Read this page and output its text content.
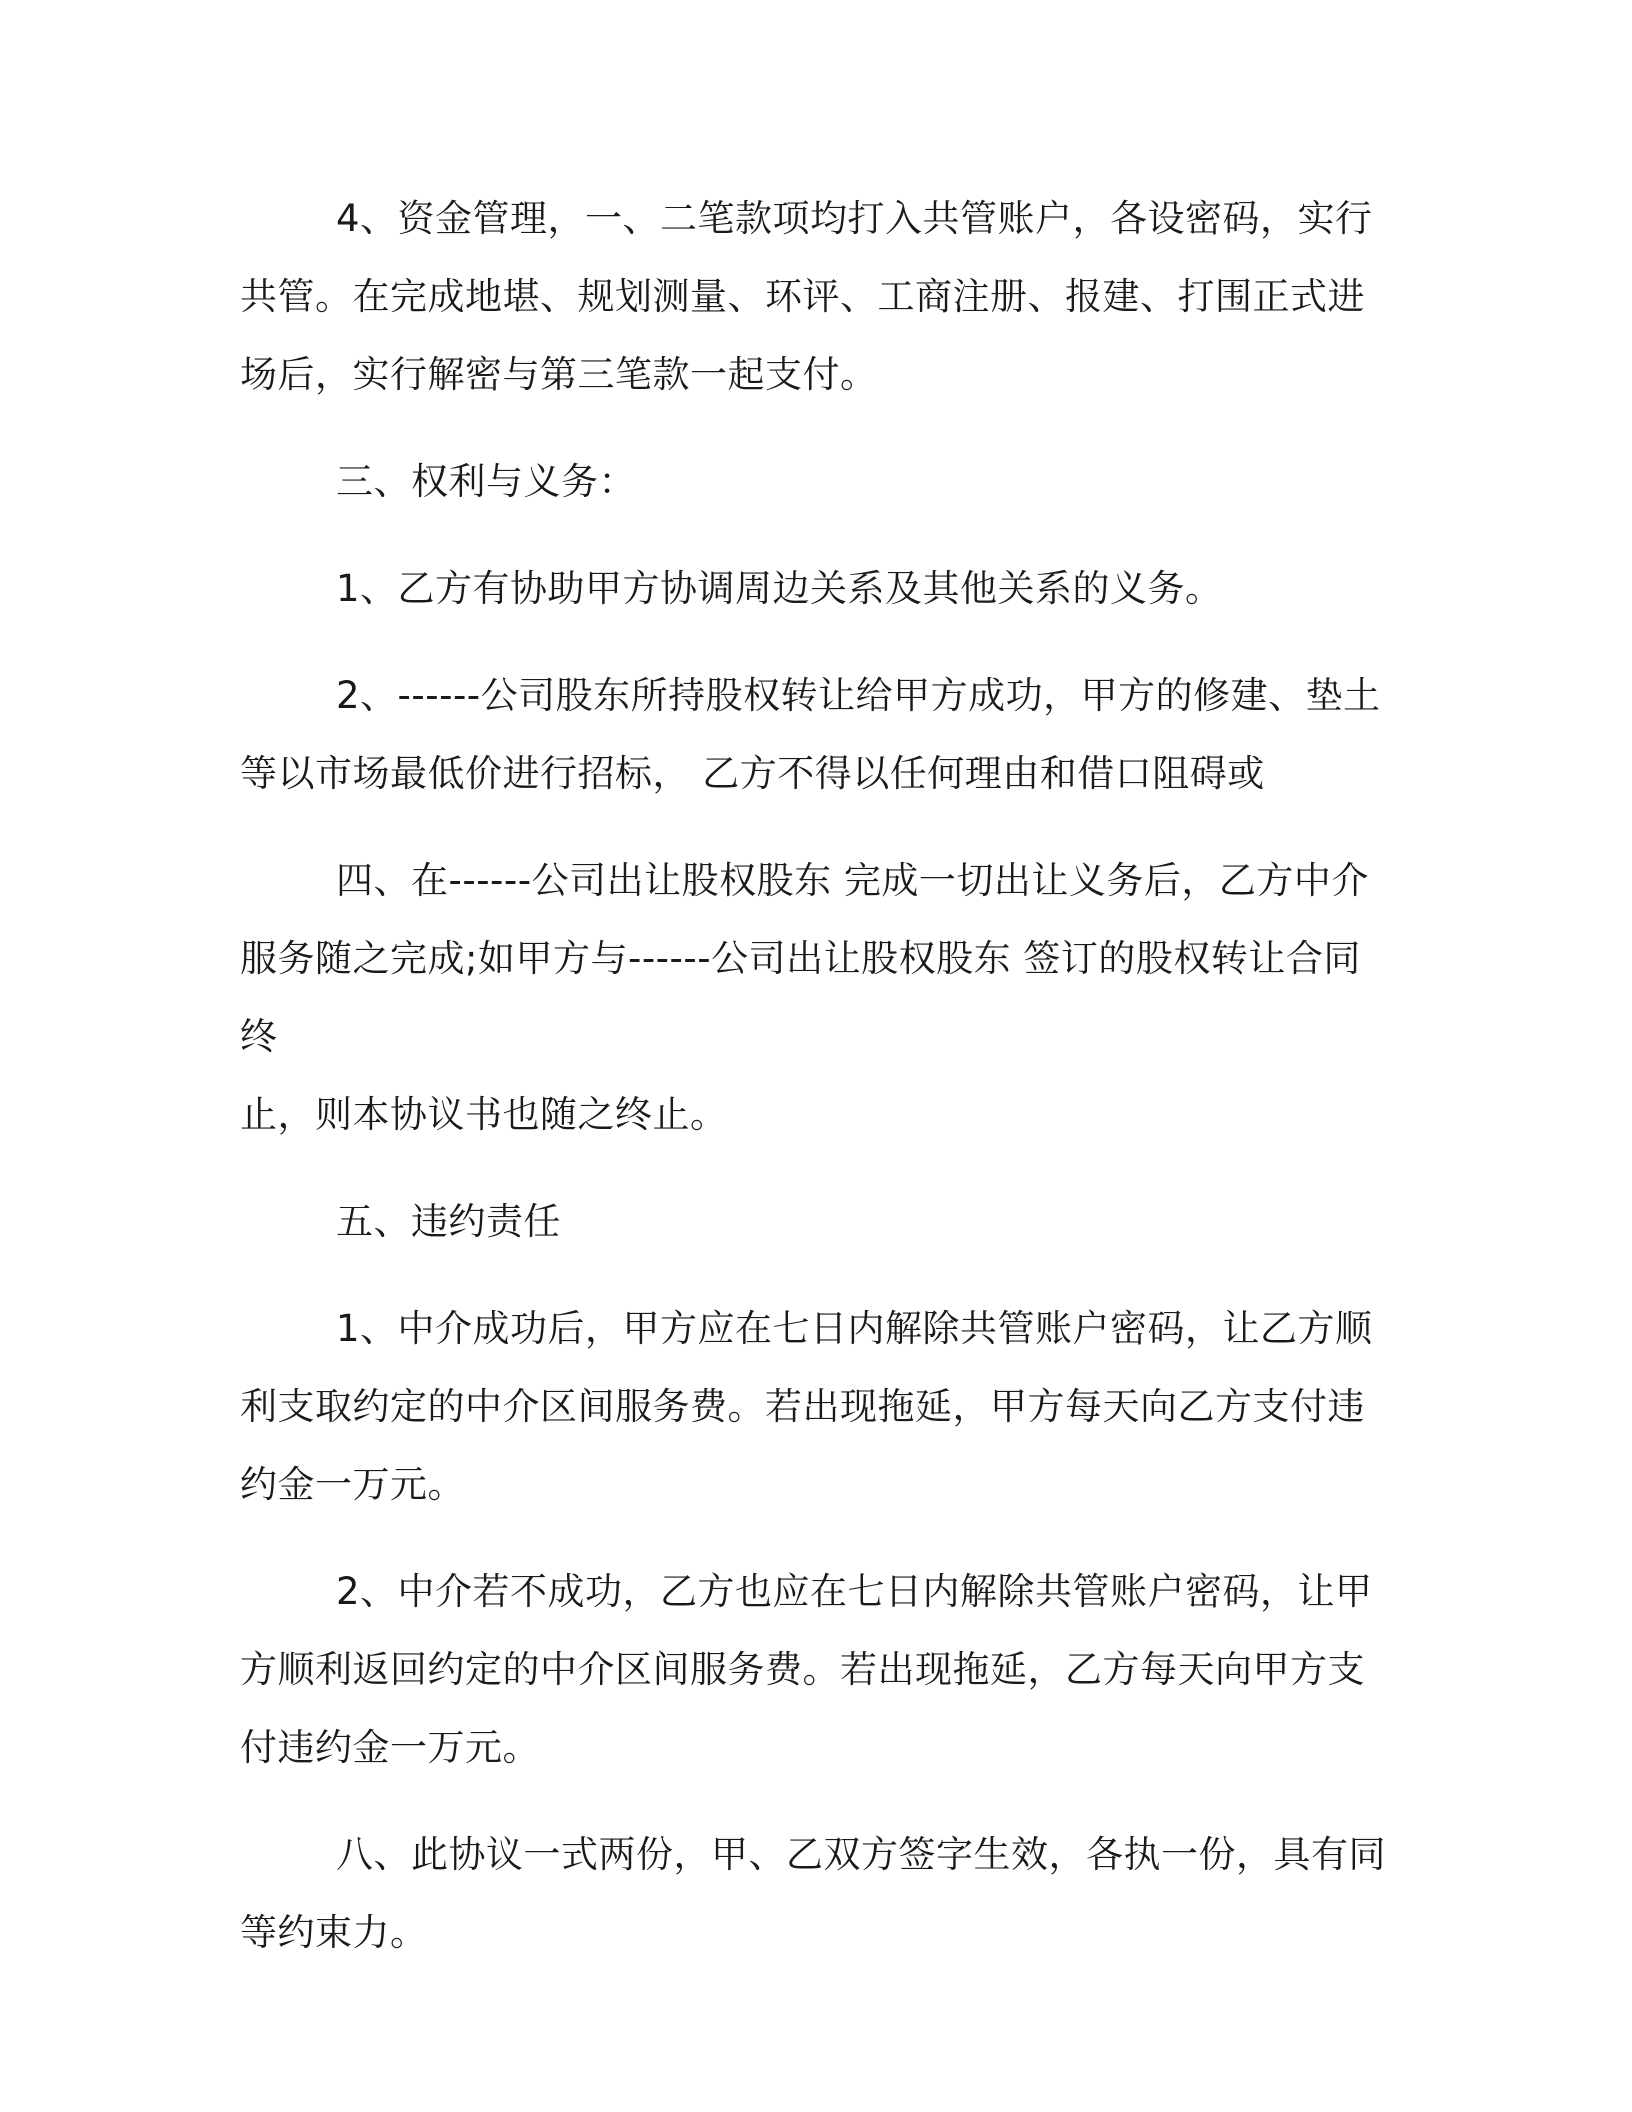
4、资金管理，一、二笔款项均打入共管账户，各设密码，实行
共管。在完成地堪、规划测量、环评、工商注册、报建、打围正式进
场后，实行解密与第三笔款一起支付。

三、权利与义务：

1、乙方有协助甲方协调周边关系及其他关系的义务。

2、------公司股东所持股权转让给甲方成功，甲方的修建、垫土
等以市场最低价进行招标， 乙方不得以任何理由和借口阻碍或

四、在------公司出让股权股东 完成一切出让义务后，乙方中介
服务随之完成;如甲方与------公司出让股权股东 签订的股权转让合同终
止，则本协议书也随之终止。

五、违约责任

1、中介成功后，甲方应在七日内解除共管账户密码，让乙方顺
利支取约定的中介区间服务费。若出现拖延，甲方每天向乙方支付违
约金一万元。

2、中介若不成功，乙方也应在七日内解除共管账户密码，让甲
方顺利返回约定的中介区间服务费。若出现拖延，乙方每天向甲方支
付违约金一万元。

八、此协议一式两份，甲、乙双方签字生效，各执一份，具有同
等约束力。
